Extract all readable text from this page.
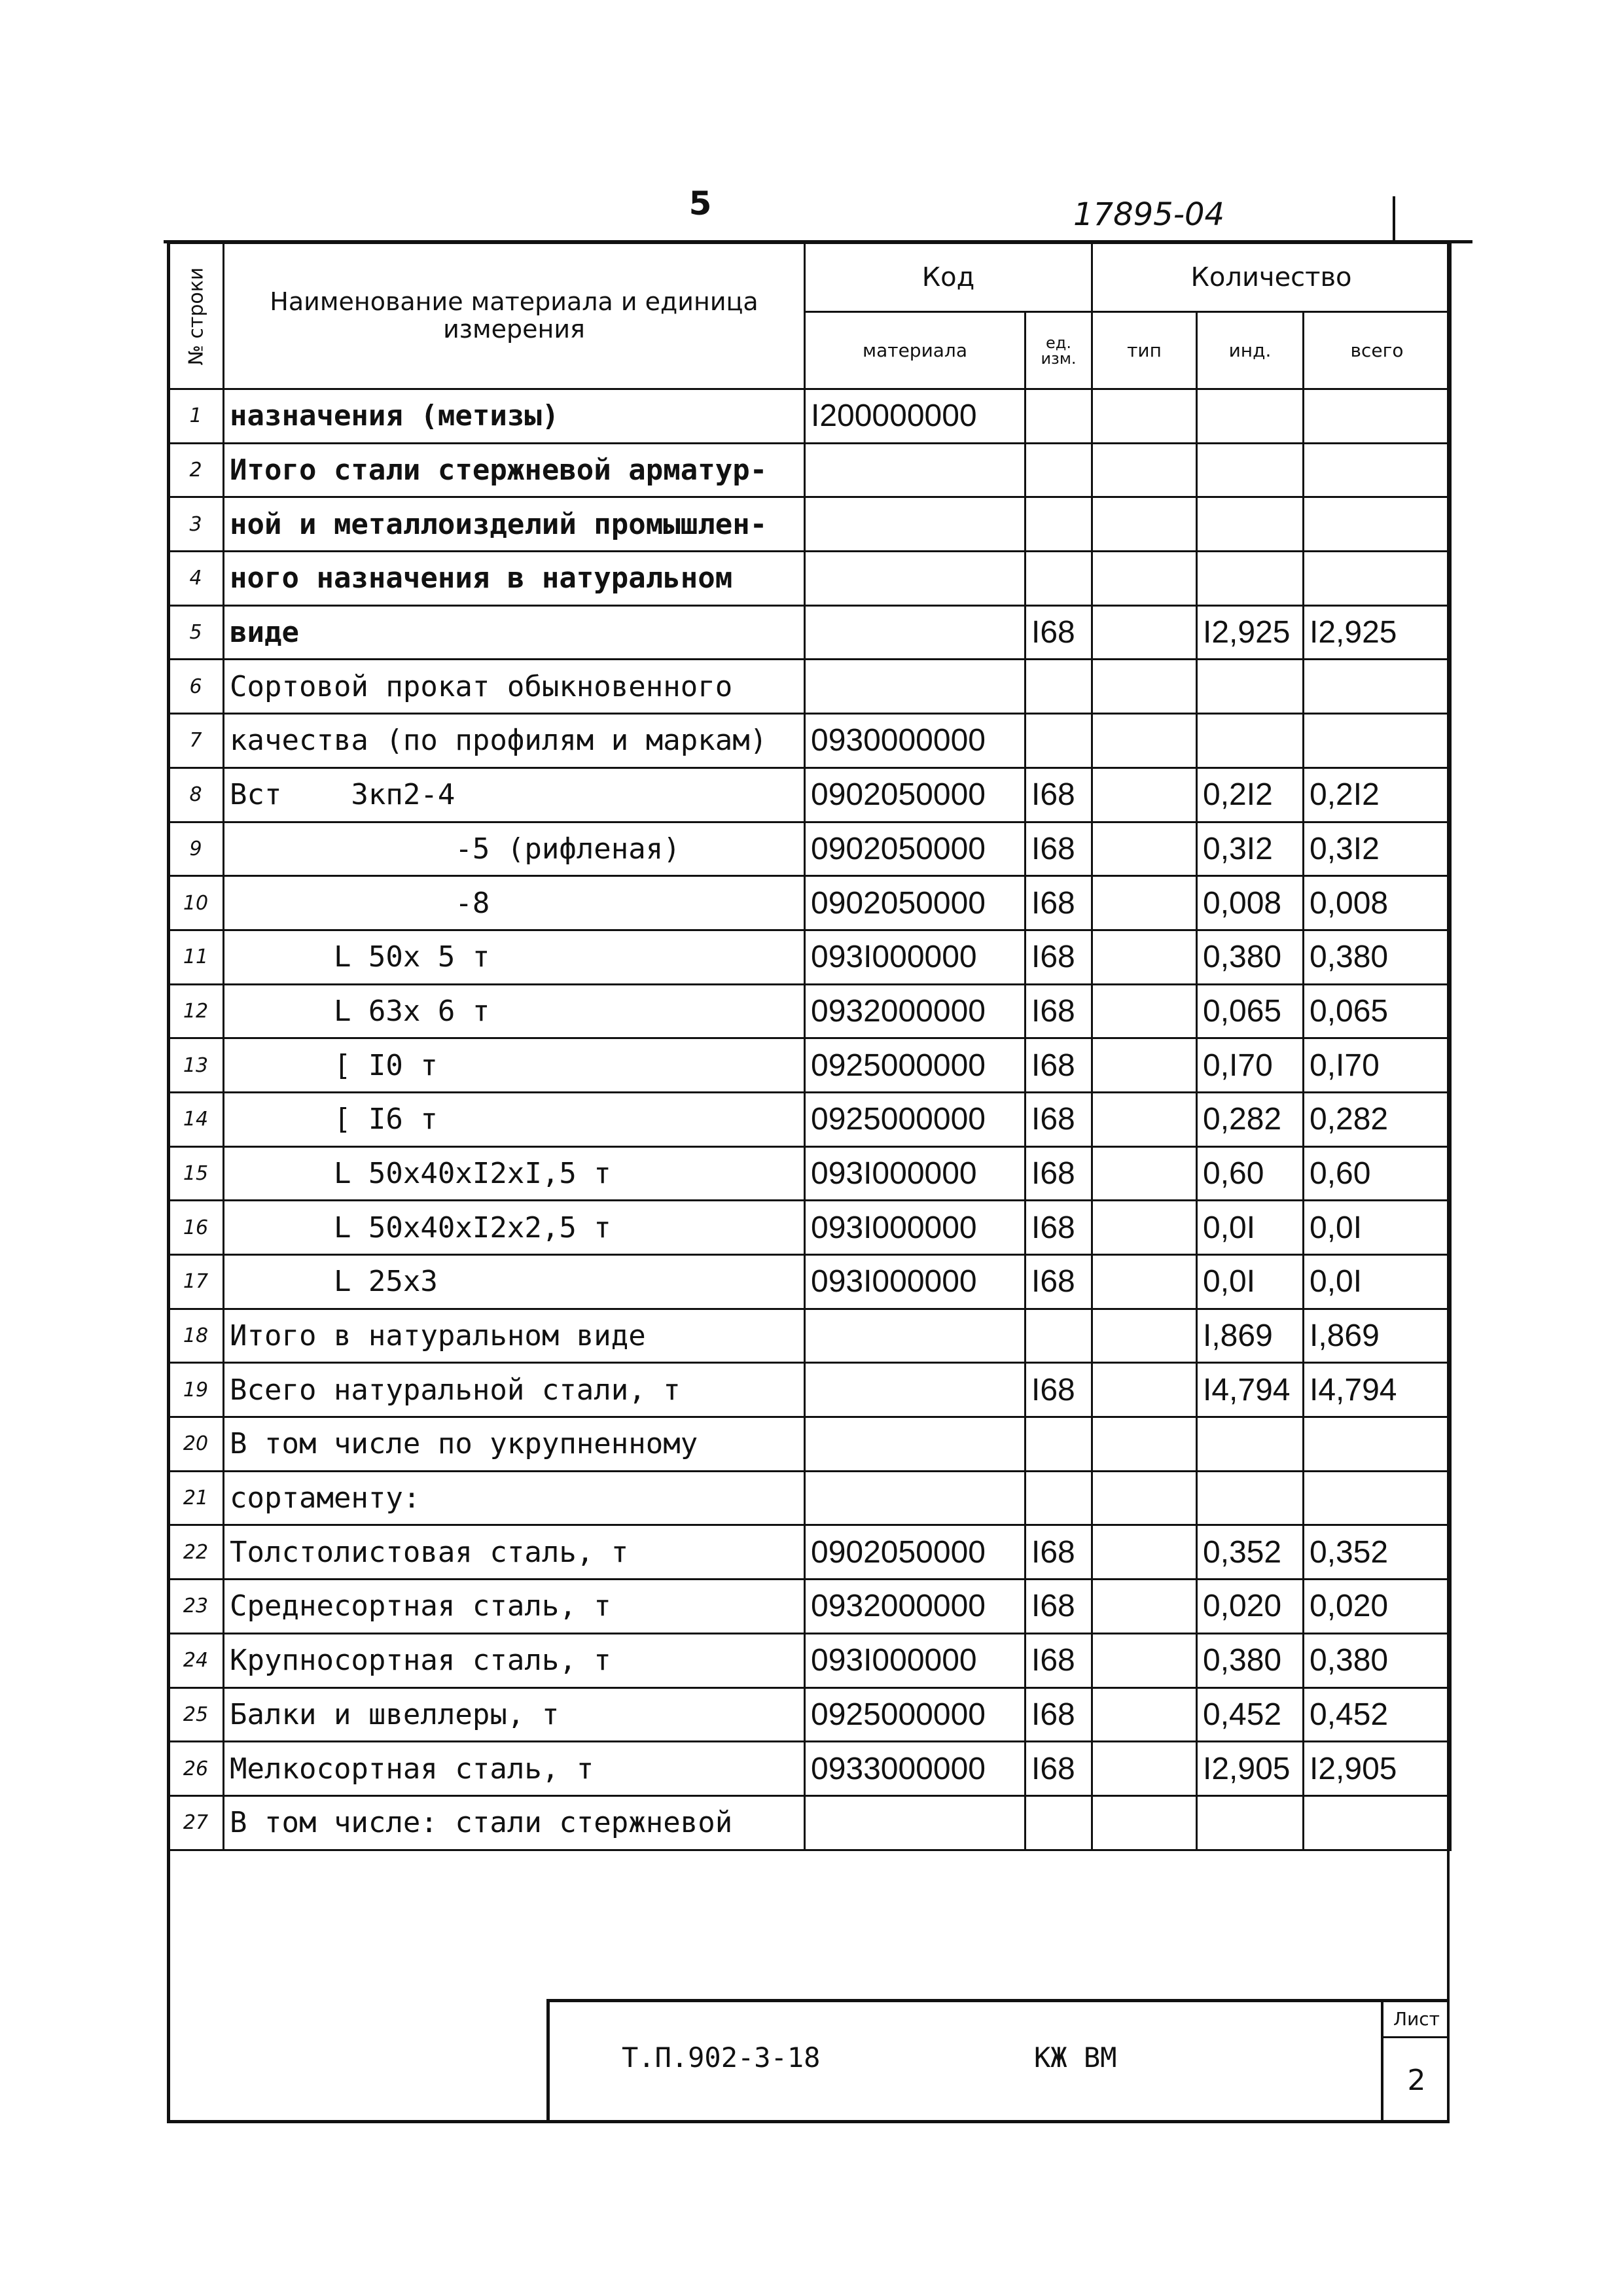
5	17895-04
№ строки	Наименование материала и единица измерения	Код		Количество		
		материала	ед. изм.	тип	инд.	всего
1	назначения (метизы)	I200000000				
2	Итого стали стержневой арматур-					
3	ной и металлоизделий промышлен-					
4	ного назначения в натуральном					
5	виде		I68		I2,925	I2,925
6	Сортовой прокат обыкновенного					
7	качества (по профилям и маркам)	0930000000				
8	Вст    3кп2-4	0902050000	I68		0,2I2	0,2I2
9	-5 (рифленая)	0902050000	I68		0,3I2	0,3I2
10	-8	0902050000	I68		0,008	0,008
11	L 50x 5 т	093I000000	I68		0,380	0,380
12	L 63x 6 т	0932000000	I68		0,065	0,065
13	[ I0 т	0925000000	I68		0,I70	0,I70
14	[ I6 т	0925000000	I68		0,282	0,282
15	L 50x40xI2xI,5 т	093I000000	I68		0,60	0,60
16	L 50x40xI2x2,5 т	093I000000	I68		0,0I	0,0I
17	L 25x3	093I000000	I68		0,0I	0,0I
18	Итого в натуральном виде				I,869	I,869
19	Всего натуральной стали, т		I68		I4,794	I4,794
20	В том числе по укрупненному					
21	сортаменту:					
22	Толстолистовая сталь, т	0902050000	I68		0,352	0,352
23	Среднесортная сталь, т	0932000000	I68		0,020	0,020
24	Крупносортная сталь, т	093I000000	I68		0,380	0,380
25	Балки и швеллеры, т	0925000000	I68		0,452	0,452
26	Мелкосортная сталь, т	0933000000	I68		I2,905	I2,905
27	В том числе: стали стержневой					
Т.П.902-3-18	КЖ ВМ
Лист
2
